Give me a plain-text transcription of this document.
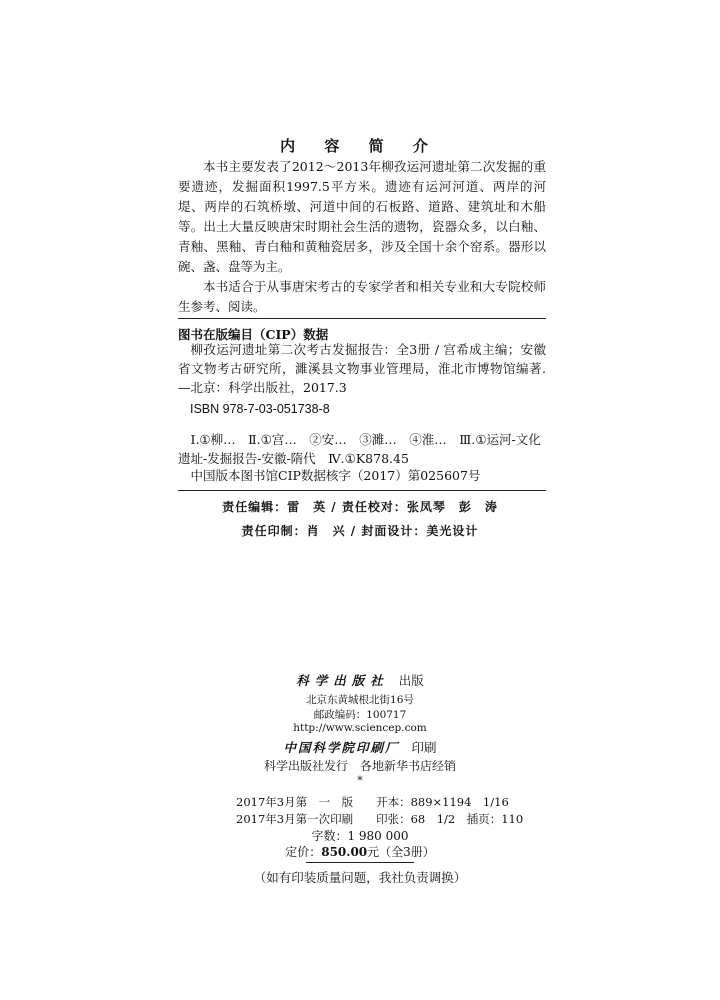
内 容 简 介

本书主要发表了2012～2013年柳孜运河遗址第二次发掘的重要遗迹，发掘面积1997.5平方米。遗迹有运河河道、两岸的河堤、两岸的石筑桥墩、河道中间的石板路、道路、建筑址和木船等。出土大量反映唐宋时期社会生活的遗物，瓷器众多，以白釉、青釉、黑釉、青白釉和黄釉瓷居多，涉及全国十余个窑系。器形以碗、盏、盘等为主。

本书适合于从事唐宋考古的专家学者和相关专业和大专院校师生参考、阅读。

图书在版编目（CIP）数据

柳孜运河遗址第二次考古发掘报告：全3册 / 宫希成主编；安徽省文物考古研究所，濉溪县文物事业管理局，淮北市博物馆编著. —北京：科学出版社，2017.3

ISBN 978-7-03-051738-8
Ⅰ.①柳…　Ⅱ.①宫…　②安…　③濉…　④淮…　Ⅲ.①运河-文化遗址-发掘报告-安徽-隋代　Ⅳ.①K878.45
中国版本图书馆CIP数据核字（2017）第025607号
责任编辑：雷　英 / 责任校对：张凤琴　彭　涛
责任印制：肖　兴 / 封面设计：美光设计
科学出版社 出版
北京东黄城根北街16号
邮政编码：100717
http://www.sciencep.com
中国科学院印刷厂 印刷
科学出版社发行　各地新华书店经销
*
2017年3月第　一　版　　开本：889×1194　1/16
2017年3月第一次印刷　　印张：68　1/2　插页：110
字数：1 980 000
定价：850.00元（全3册）
（如有印装质量问题，我社负责调换）
